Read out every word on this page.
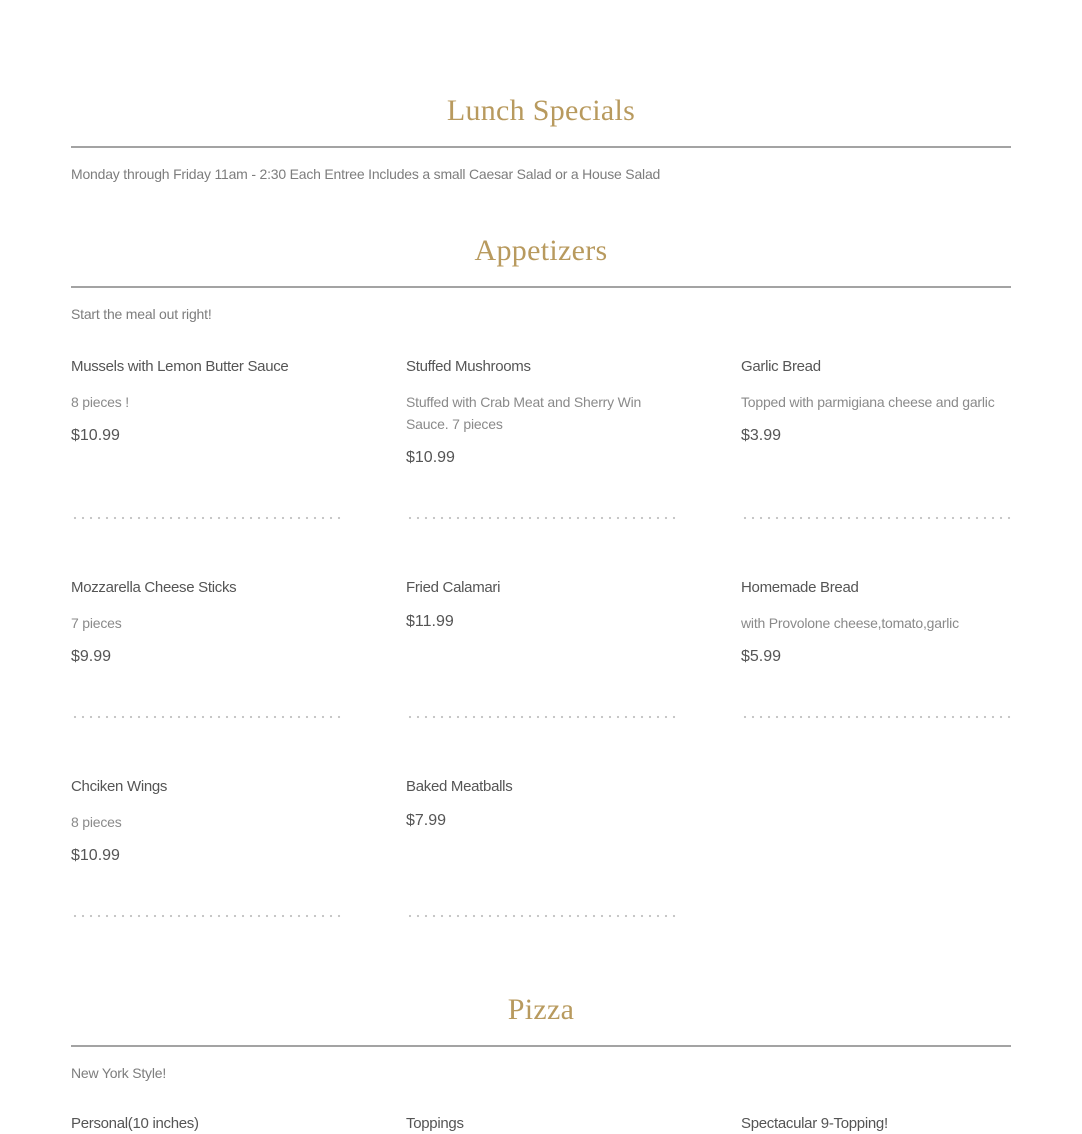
Lunch Specials

Monday through Friday 11am - 2:30 Each Entree Includes a small Caesar Salad or a House Salad

Appetizers

Start the meal out right!

Mussels with Lemon Butter Sauce
8 pieces !
$10.99
Stuffed Mushrooms
Stuffed with Crab Meat and Sherry Win Sauce. 7 pieces
$10.99
Garlic Bread
Topped with parmigiana cheese and garlic
$3.99
Mozzarella Cheese Sticks
7 pieces
$9.99
Fried Calamari
$11.99
Homemade Bread
with Provolone cheese,tomato,garlic
$5.99
Chciken Wings
8 pieces
$10.99
Baked Meatballs
$7.99
Pizza

New York Style!

Personal(10 inches)	Toppings	Spectacular 9-Topping!
